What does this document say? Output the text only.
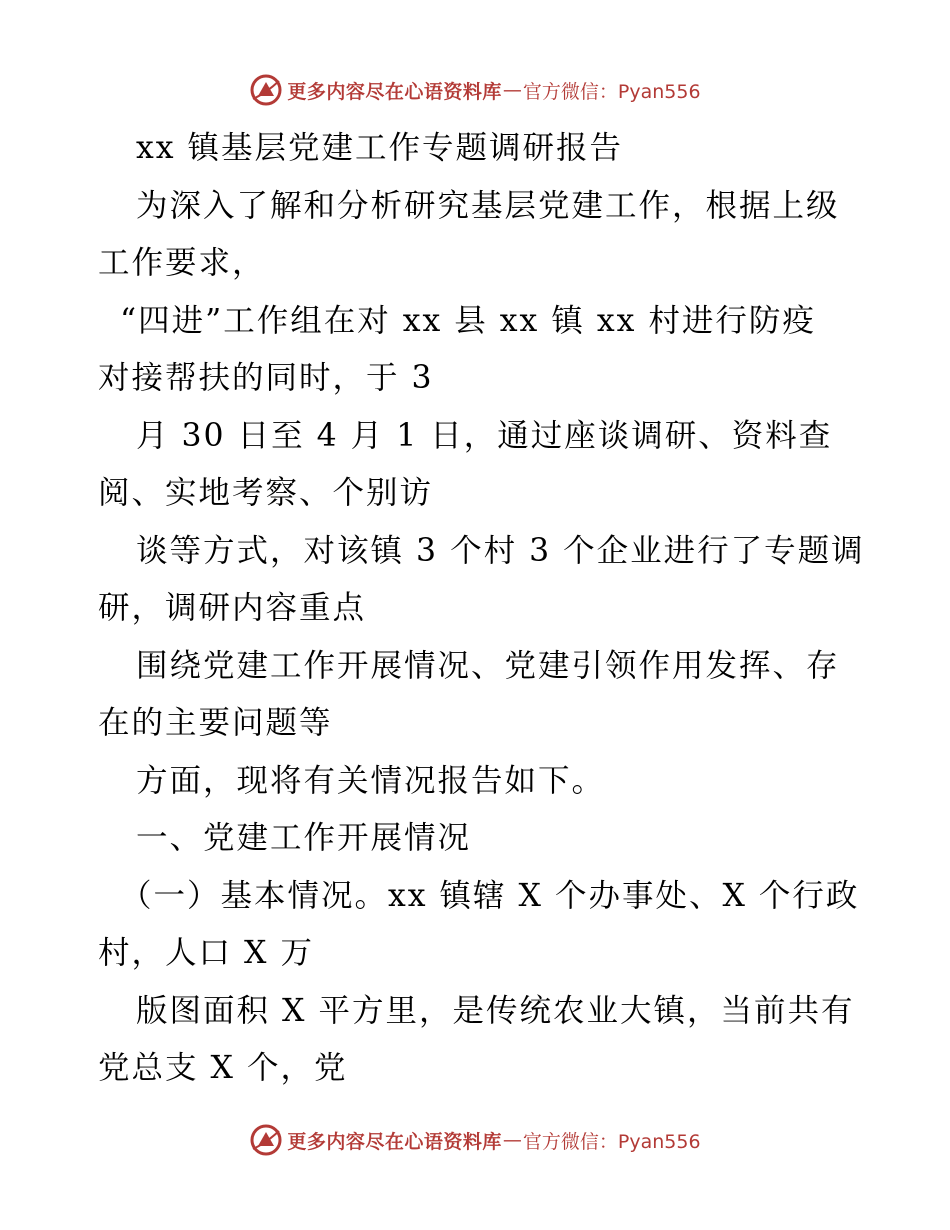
更多内容尽在心语资料库 — 官方微信：Pyan556
xx 镇基层党建工作专题调研报告
为深入了解和分析研究基层党建工作，根据上级
工作要求，
“四进”工作组在对 xx 县 xx 镇 xx 村进行防疫
对接帮扶的同时，于 3
月 30 日至 4 月 1 日，通过座谈调研、资料查
阅、实地考察、个别访
谈等方式，对该镇 3 个村 3 个企业进行了专题调
研，调研内容重点
围绕党建工作开展情况、党建引领作用发挥、存
在的主要问题等
方面，现将有关情况报告如下。
一、党建工作开展情况
（一）基本情况。xx 镇辖 X 个办事处、X 个行政
村，人口 X 万
版图面积 X 平方里，是传统农业大镇，当前共有
党总支 X 个，党
更多内容尽在心语资料库 — 官方微信：Pyan556
